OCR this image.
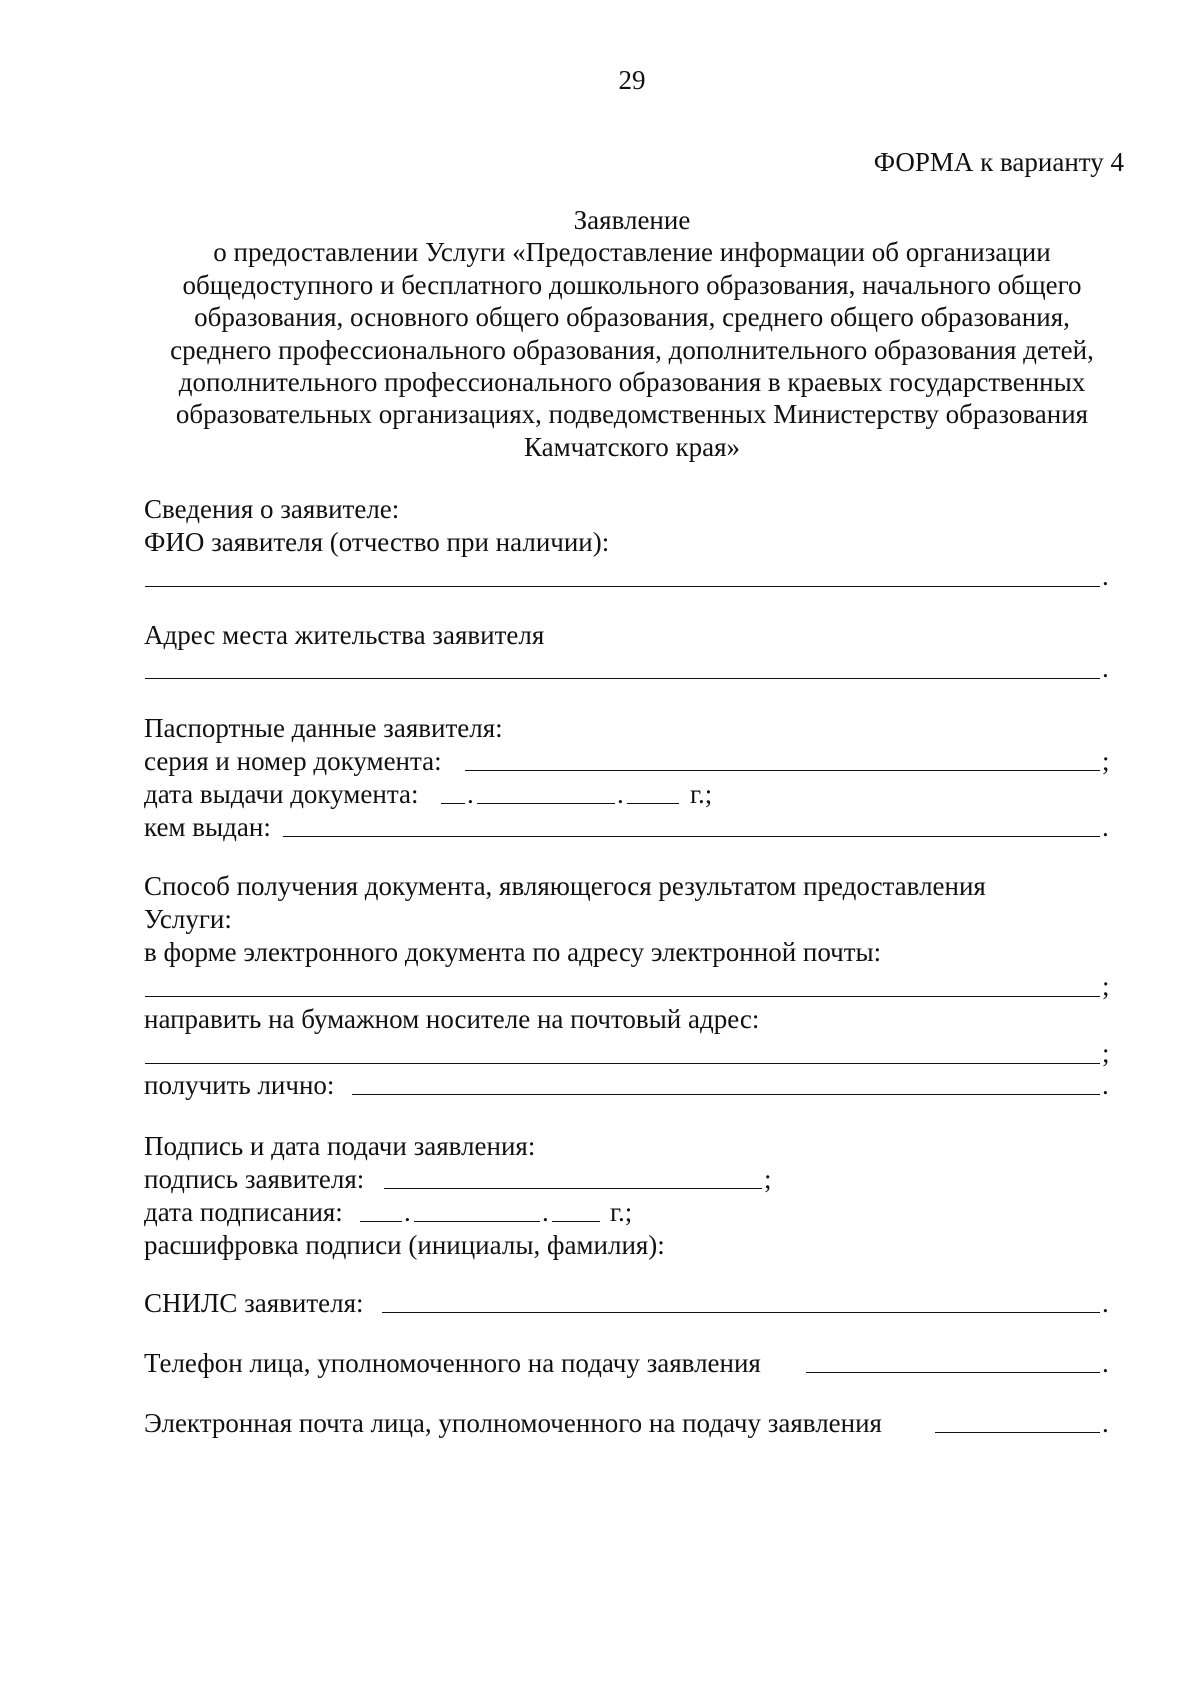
29
ФОРМА к варианту 4
Заявление
о предоставлении Услуги «Предоставление информации об организации
общедоступного и бесплатного дошкольного образования, начального общего
образования, основного общего образования, среднего общего образования,
среднего профессионального образования, дополнительного образования детей,
дополнительного профессионального образования в краевых государственных
образовательных организациях, подведомственных Министерству образования
Камчатского края»
Сведения о заявителе:
ФИО заявителя (отчество при наличии):
.
Адрес места жительства заявителя
.
Паспортные данные заявителя:
серия и номер документа:	;
дата выдачи документа: .	. г.;
кем выдан:	.
Способ получения документа, являющегося результатом предоставления
Услуги:
в форме электронного документа по адресу электронной почты:
;
направить на бумажном носителе на почтовый адрес:
;
получить лично:	.
Подпись и дата подачи заявления:
подпись заявителя:	;
дата подписания: .	. г.;
расшифровка подписи (инициалы, фамилия):
СНИЛС заявителя:	.
Телефон лица, уполномоченного на подачу заявления	.
Электронная почта лица, уполномоченного на подачу заявления	.
